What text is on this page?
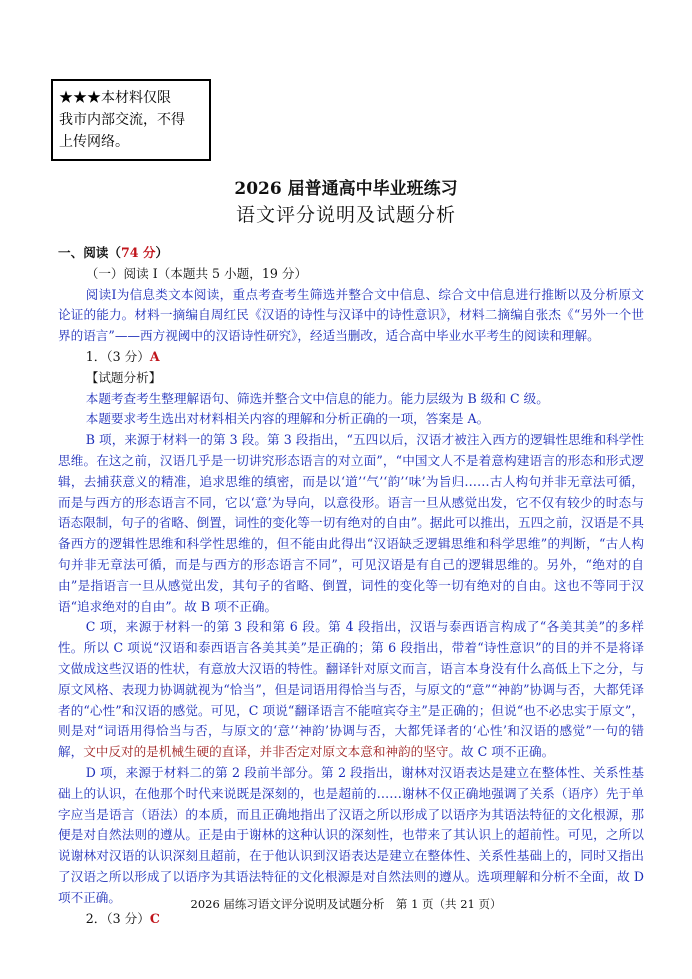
★★★本材料仅限
我市内部交流，不得
上传网络。
2026 届普通高中毕业班练习
语文评分说明及试题分析

一、阅读（74 分）

（一）阅读 Ⅰ（本题共 5 小题，19 分）

阅读Ⅰ为信息类文本阅读，重点考查考生筛选并整合文中信息、综合文中信息进行推断以及分析原文论证的能力。材料一摘编自周红民《汉语的诗性与汉译中的诗性意识》，材料二摘编自张杰《“另外一个世界的语言”——西方视阈中的汉语诗性研究》，经适当删改，适合高中毕业水平考生的阅读和理解。

1．（3 分）A

【试题分析】

本题考查考生整理解语句、筛选并整合文中信息的能力。能力层级为 B 级和 C 级。

本题要求考生选出对材料相关内容的理解和分析正确的一项，答案是 A。

B 项，来源于材料一的第 3 段。第 3 段指出，“五四以后，汉语才被注入西方的逻辑性思维和科学性思维。在这之前，汉语几乎是一切讲究形态语言的对立面”，“中国文人不是着意构建语言的形态和形式逻辑，去捕获意义的精准，追求思维的缜密，而是以‘道’‘气’‘韵’‘味’为旨归……古人构句并非无章法可循，而是与西方的形态语言不同，它以‘意’为导向，以意役形。语言一旦从感觉出发，它不仅有较少的时态与语态限制，句子的省略、倒置，词性的变化等一切有绝对的自由”。据此可以推出，五四之前，汉语是不具备西方的逻辑性思维和科学性思维的，但不能由此得出“汉语缺乏逻辑思维和科学思维”的判断，“古人构句并非无章法可循，而是与西方的形态语言不同”，可见汉语是有自己的逻辑思维的。另外，“绝对的自由”是指语言一旦从感觉出发，其句子的省略、倒置，词性的变化等一切有绝对的自由。这也不等同于汉语“追求绝对的自由”。故 B 项不正确。

C 项，来源于材料一的第 3 段和第 6 段。第 4 段指出，汉语与泰西语言构成了“各美其美”的多样性。所以 C 项说“汉语和泰西语言各美其美”是正确的；第 6 段指出，带着“诗性意识”的目的并不是将译文做成这些汉语的性状，有意放大汉语的特性。翻译针对原文而言，语言本身没有什么高低上下之分，与原文风格、表现力协调就视为“恰当”，但是词语用得恰当与否，与原文的“意”“神韵”协调与否，大都凭译者的“心性”和汉语的感觉。可见，C 项说“翻译语言不能喧宾夺主”是正确的；但说“也不必忠实于原文”，则是对“词语用得恰当与否，与原文的‘意’‘神韵’协调与否，大都凭译者的‘心性’和汉语的感觉”一句的错解，文中反对的是机械生硬的直译，并非否定对原文本意和神韵的坚守。故 C 项不正确。

D 项，来源于材料二的第 2 段前半部分。第 2 段指出，谢林对汉语表达是建立在整体性、关系性基础上的认识，在他那个时代来说既是深刻的，也是超前的……谢林不仅正确地强调了关系（语序）先于单字应当是语言（语法）的本质，而且正确地指出了汉语之所以形成了以语序为其语法特征的文化根源，那便是对自然法则的遵从。正是由于谢林的这种认识的深刻性，也带来了其认识上的超前性。可见，之所以说谢林对汉语的认识深刻且超前，在于他认识到汉语表达是建立在整体性、关系性基础上的，同时又指出了汉语之所以形成了以语序为其语法特征的文化根源是对自然法则的遵从。选项理解和分析不全面，故 D 项不正确。

2．（3 分）C

2026 届练习语文评分说明及试题分析　第 1 页（共 21 页）
